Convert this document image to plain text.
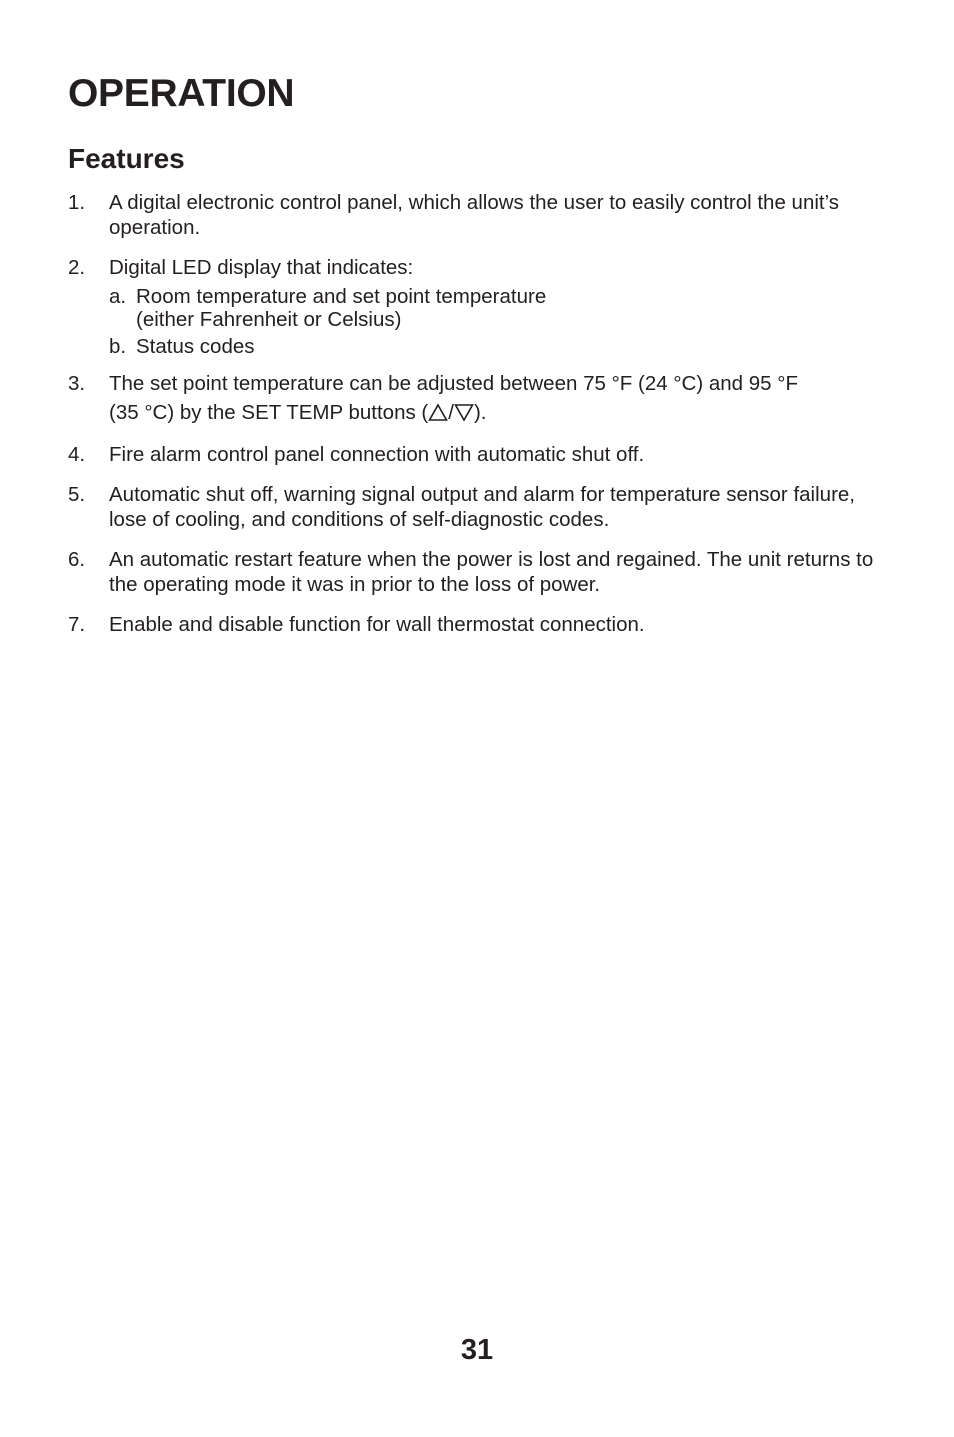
OPERATION
Features
1. A digital electronic control panel, which allows the user to easily control the unit’s operation.
2. Digital LED display that indicates:
a. Room temperature and set point temperature
(either Fahrenheit or Celsius)
b. Status codes
3. The set point temperature can be adjusted between 75 °F (24 °C) and 95 °F
(35 °C) by the SET TEMP buttons ( / ).
4. Fire alarm control panel connection with automatic shut off.
5. Automatic shut off, warning signal output and alarm for temperature sensor failure, lose of cooling, and conditions of self-diagnostic codes.
6. An automatic restart feature when the power is lost and regained. The unit returns to the operating mode it was in prior to the loss of power.
7. Enable and disable function for wall thermostat connection.
31
